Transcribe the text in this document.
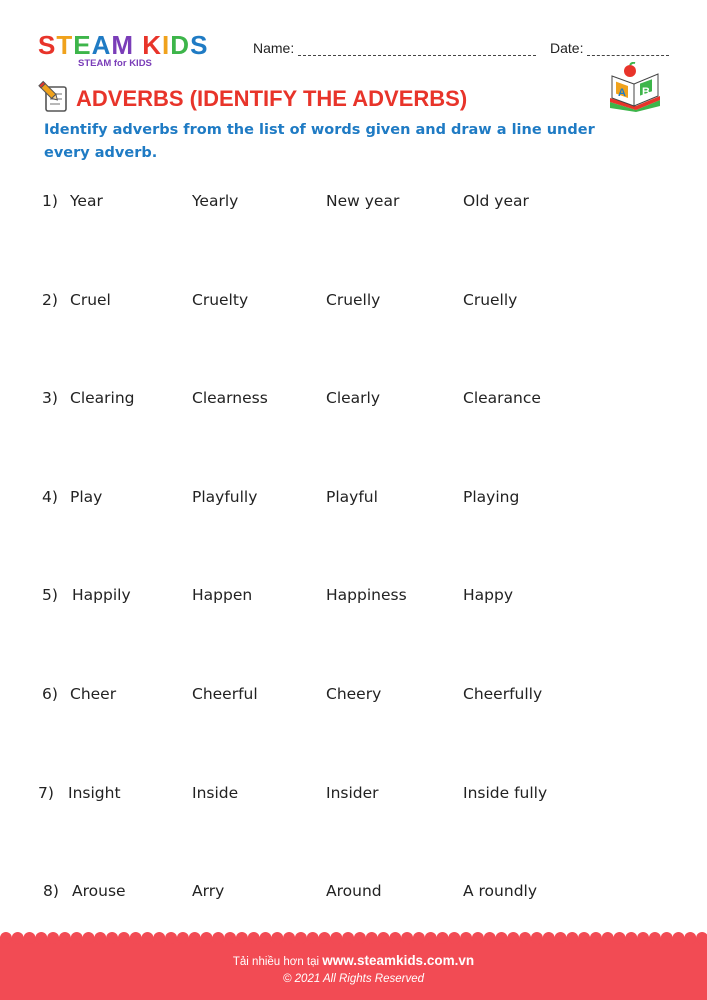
STEAM KIDS
STEAM for KIDS
Name:	Date:
ADVERBS (IDENTIFY THE ADVERBS)	A B
Identify adverbs from the list of words given and draw a line under every adverb.
1) Year	Yearly	New year	Old year
2) Cruel	Cruelty	Cruelly	Cruelly
3) Clearing	Clearness	Clearly	Clearance
4) Play	Playfully	Playful	Playing
5) Happily	Happen	Happiness	Happy
6) Cheer	Cheerful	Cheery	Cheerfully
7) Insight	Inside	Insider	Inside fully
8) Arouse	Arry	Around	A roundly
Tải nhiều hơn tại www.steamkids.com.vn
© 2021 All Rights Reserved
